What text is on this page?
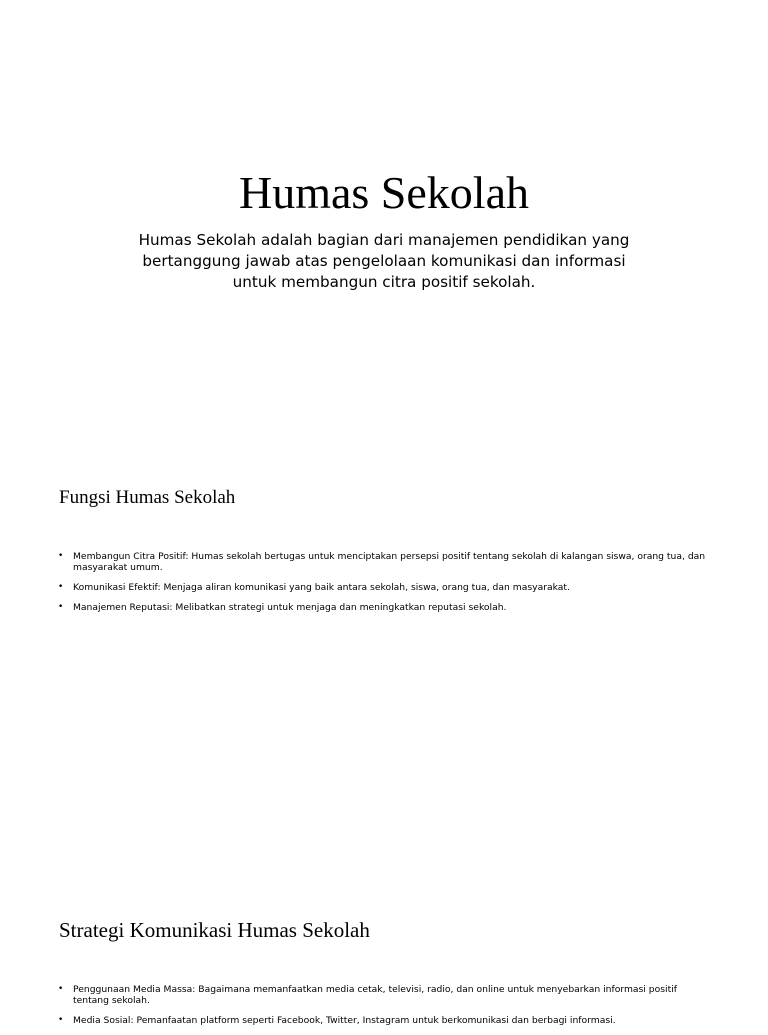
Humas Sekolah

Humas Sekolah adalah bagian dari manajemen pendidikan yang bertanggung jawab atas pengelolaan komunikasi dan informasi untuk membangun citra positif sekolah.

Fungsi Humas Sekolah
• Membangun Citra Positif: Humas sekolah bertugas untuk menciptakan persepsi positif tentang sekolah di kalangan siswa, orang tua, dan masyarakat umum.
• Komunikasi Efektif: Menjaga aliran komunikasi yang baik antara sekolah, siswa, orang tua, dan masyarakat.
• Manajemen Reputasi: Melibatkan strategi untuk menjaga dan meningkatkan reputasi sekolah.
Strategi Komunikasi Humas Sekolah
• Penggunaan Media Massa: Bagaimana memanfaatkan media cetak, televisi, radio, dan online untuk menyebarkan informasi positif tentang sekolah.
• Media Sosial: Pemanfaatan platform seperti Facebook, Twitter, Instagram untuk berkomunikasi dan berbagi informasi.
